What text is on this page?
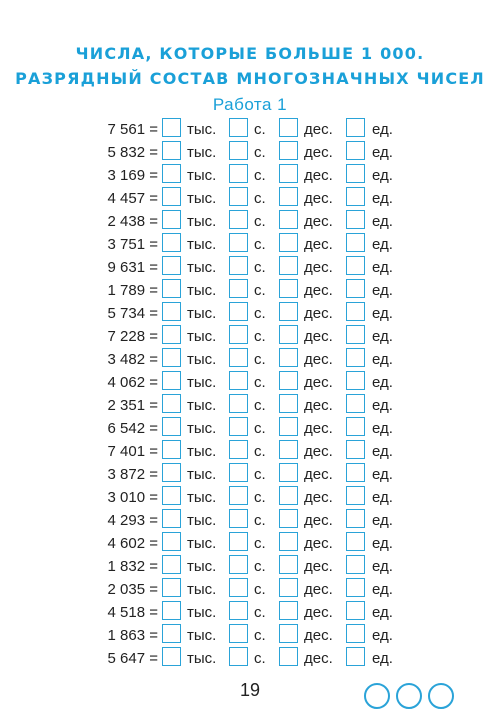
ЧИСЛА, КОТОРЫЕ БОЛЬШЕ 1 000.
РАЗРЯДНЫЙ СОСТАВ МНОГОЗНАЧНЫХ ЧИСЕЛ
Работа 1
7 561 = тыс.	с.	дес.	ед.
5 832 = тыс.	с.	дес.	ед.
3 169 = тыс.	с.	дес.	ед.
4 457 = тыс.	с.	дес.	ед.
2 438 = тыс.	с.	дес.	ед.
3 751 = тыс.	с.	дес.	ед.
9 631 = тыс.	с.	дес.	ед.
1 789 = тыс.	с.	дес.	ед.
5 734 = тыс.	с.	дес.	ед.
7 228 = тыс.	с.	дес.	ед.
3 482 = тыс.	с.	дес.	ед.
4 062 = тыс.	с.	дес.	ед.
2 351 = тыс.	с.	дес.	ед.
6 542 = тыс.	с.	дес.	ед.
7 401 = тыс.	с.	дес.	ед.
3 872 = тыс.	с.	дес.	ед.
3 010 = тыс.	с.	дес.	ед.
4 293 = тыс.	с.	дес.	ед.
4 602 = тыс.	с.	дес.	ед.
1 832 = тыс.	с.	дес.	ед.
2 035 = тыс.	с.	дес.	ед.
4 518 = тыс.	с.	дес.	ед.
1 863 = тыс.	с.	дес.	ед.
5 647 = тыс.	с.	дес.	ед.
19
